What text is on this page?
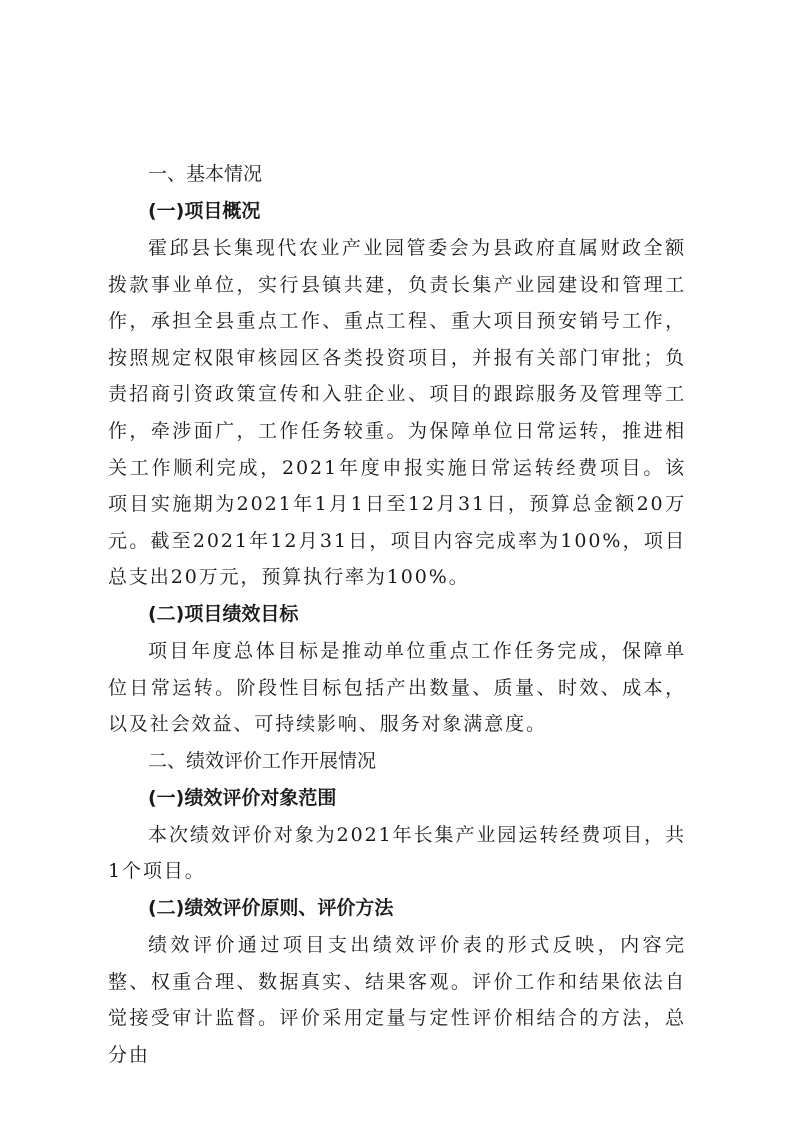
一、基本情况
(一)项目概况

霍邱县长集现代农业产业园管委会为县政府直属财政全额拨款事业单位，实行县镇共建，负责长集产业园建设和管理工作，承担全县重点工作、重点工程、重大项目预安销号工作，按照规定权限审核园区各类投资项目，并报有关部门审批；负责招商引资政策宣传和入驻企业、项目的跟踪服务及管理等工作，牵涉面广，工作任务较重。为保障单位日常运转，推进相关工作顺利完成，2021年度申报实施日常运转经费项目。该项目实施期为2021年1月1日至12月31日，预算总金额20万元。截至2021年12月31日，项目内容完成率为100%，项目总支出20万元，预算执行率为100%。

(二)项目绩效目标

项目年度总体目标是推动单位重点工作任务完成，保障单位日常运转。阶段性目标包括产出数量、质量、时效、成本，以及社会效益、可持续影响、服务对象满意度。

二、绩效评价工作开展情况
(一)绩效评价对象范围

本次绩效评价对象为2021年长集产业园运转经费项目，共1个项目。

(二)绩效评价原则、评价方法

绩效评价通过项目支出绩效评价表的形式反映，内容完整、权重合理、数据真实、结果客观。评价工作和结果依法自觉接受审计监督。评价采用定量与定性评价相结合的方法，总分由
